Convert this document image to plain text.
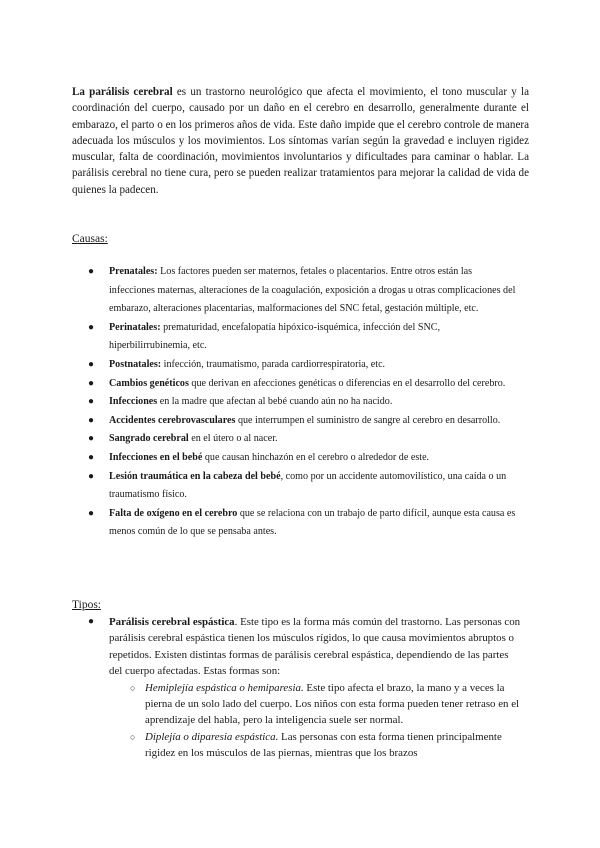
La parálisis cerebral es un trastorno neurológico que afecta el movimiento, el tono muscular y la coordinación del cuerpo, causado por un daño en el cerebro en desarrollo, generalmente durante el embarazo, el parto o en los primeros años de vida. Este daño impide que el cerebro controle de manera adecuada los músculos y los movimientos. Los síntomas varían según la gravedad e incluyen rigidez muscular, falta de coordinación, movimientos involuntarios y dificultades para caminar o hablar. La parálisis cerebral no tiene cura, pero se pueden realizar tratamientos para mejorar la calidad de vida de quienes la padecen.

Causas:

● Prenatales: Los factores pueden ser maternos, fetales o placentarios. Entre otros están las infecciones maternas, alteraciones de la coagulación, exposición a drogas u otras complicaciones del embarazo, alteraciones placentarias, malformaciones del SNC fetal, gestación múltiple, etc.
● Perinatales: prematuridad, encefalopatía hipóxico-isquémica, infección del SNC, hiperbilirrubinemia, etc.
● Postnatales: infección, traumatismo, parada cardiorrespiratoria, etc.
● Cambios genéticos que derivan en afecciones genéticas o diferencias en el desarrollo del cerebro.
● Infecciones en la madre que afectan al bebé cuando aún no ha nacido.
● Accidentes cerebrovasculares que interrumpen el suministro de sangre al cerebro en desarrollo.
● Sangrado cerebral en el útero o al nacer.
● Infecciones en el bebé que causan hinchazón en el cerebro o alrededor de este.
● Lesión traumática en la cabeza del bebé, como por un accidente automovilístico, una caída o un traumatismo físico.
● Falta de oxígeno en el cerebro que se relaciona con un trabajo de parto difícil, aunque esta causa es menos común de lo que se pensaba antes.

Tipos:

● Parálisis cerebral espástica. Este tipo es la forma más común del trastorno. Las personas con parálisis cerebral espástica tienen los músculos rígidos, lo que causa movimientos abruptos o repetidos. Existen distintas formas de parálisis cerebral espástica, dependiendo de las partes del cuerpo afectadas. Estas formas son:
○ Hemiplejía espástica o hemiparesia. Este tipo afecta el brazo, la mano y a veces la pierna de un solo lado del cuerpo. Los niños con esta forma pueden tener retraso en el aprendizaje del habla, pero la inteligencia suele ser normal.
○ Diplejía o diparesia espástica. Las personas con esta forma tienen principalmente rigidez en los músculos de las piernas, mientras que los brazos
